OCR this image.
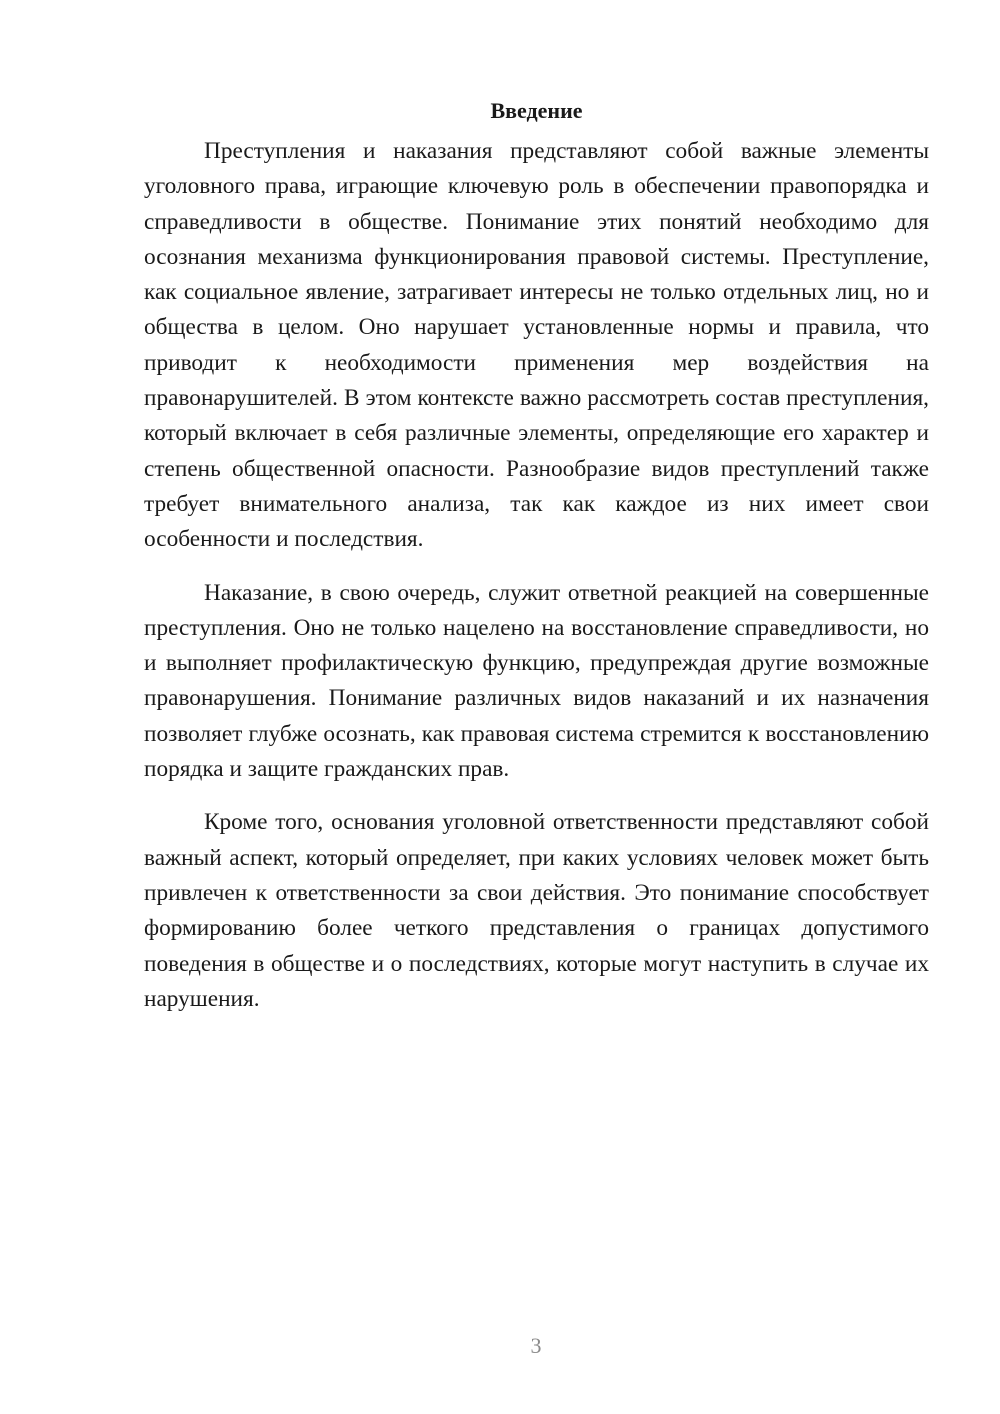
Введение

Преступления и наказания представляют собой важные элементы уголовного права, играющие ключевую роль в обеспечении правопорядка и справедливости в обществе. Понимание этих понятий необходимо для осознания механизма функционирования правовой системы. Преступление, как социальное явление, затрагивает интересы не только отдельных лиц, но и общества в целом. Оно нарушает установленные нормы и правила, что приводит к необходимости применения мер воздействия на правонарушителей. В этом контексте важно рассмотреть состав преступления, который включает в себя различные элементы, определяющие его характер и степень общественной опасности. Разнообразие видов преступлений также требует внимательного анализа, так как каждое из них имеет свои особенности и последствия.

Наказание, в свою очередь, служит ответной реакцией на совершенные преступления. Оно не только нацелено на восстановление справедливости, но и выполняет профилактическую функцию, предупреждая другие возможные правонарушения. Понимание различных видов наказаний и их назначения позволяет глубже осознать, как правовая система стремится к восстановлению порядка и защите гражданских прав.

Кроме того, основания уголовной ответственности представляют собой важный аспект, который определяет, при каких условиях человек может быть привлечен к ответственности за свои действия. Это понимание способствует формированию более четкого представления о границах допустимого поведения в обществе и о последствиях, которые могут наступить в случае их нарушения.

3
